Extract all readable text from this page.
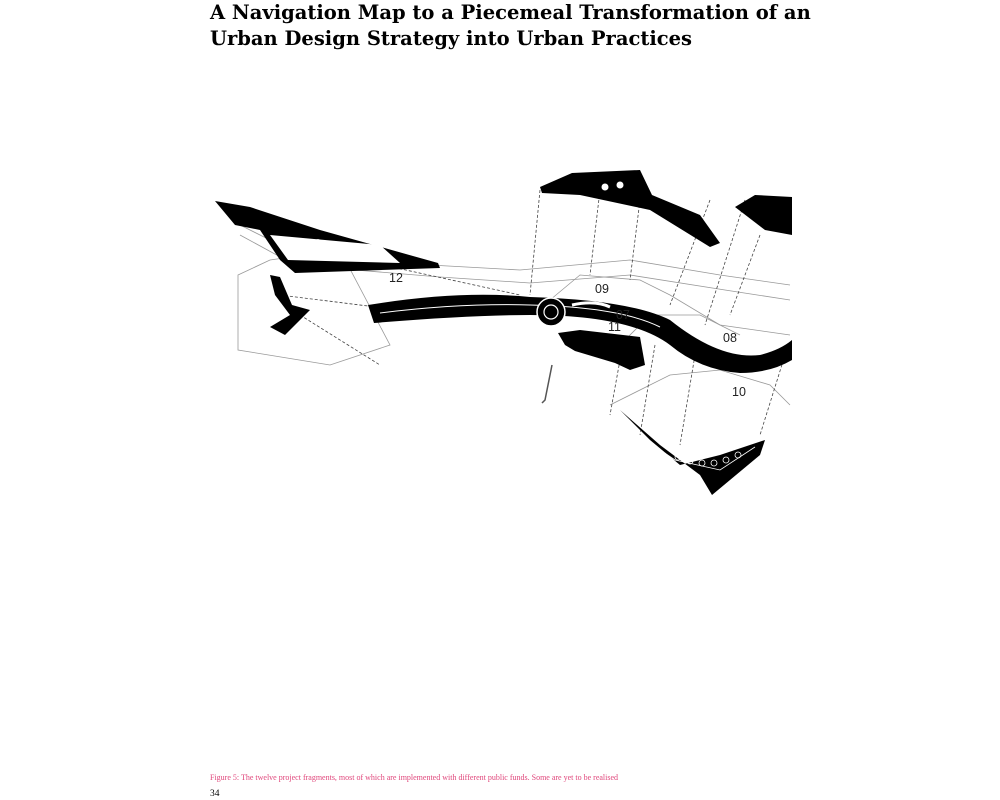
A Navigation Map to a Piecemeal Transformation of an
Urban Design Strategy into Urban Practices
12
09
07
11
08
10
Figure 5: The twelve project fragments, most of which are implemented with different public funds. Some are yet to be realised
34
